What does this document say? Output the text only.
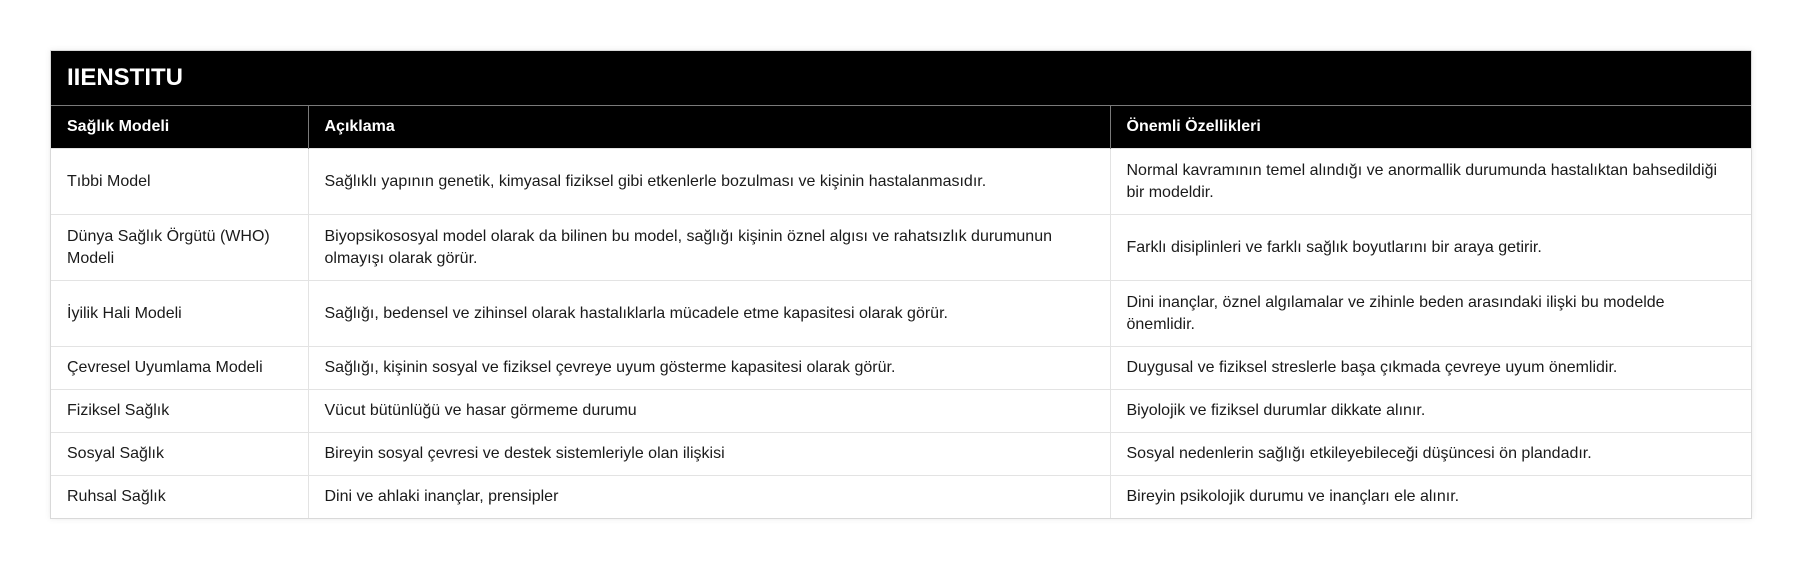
IIENSTITU
Sağlık Modeli	Açıklama	Önemli Özellikleri
Tıbbi Model	Sağlıklı yapının genetik, kimyasal fiziksel gibi etkenlerle bozulması ve kişinin hastalanmasıdır.	Normal kavramının temel alındığı ve anormallik durumunda hastalıktan bahsedildiği bir modeldir.
Dünya Sağlık Örgütü (WHO) Modeli	Biyopsikososyal model olarak da bilinen bu model, sağlığı kişinin öznel algısı ve rahatsızlık durumunun olmayışı olarak görür.	Farklı disiplinleri ve farklı sağlık boyutlarını bir araya getirir.
İyilik Hali Modeli	Sağlığı, bedensel ve zihinsel olarak hastalıklarla mücadele etme kapasitesi olarak görür.	Dini inançlar, öznel algılamalar ve zihinle beden arasındaki ilişki bu modelde önemlidir.
Çevresel Uyumlama Modeli	Sağlığı, kişinin sosyal ve fiziksel çevreye uyum gösterme kapasitesi olarak görür.	Duygusal ve fiziksel streslerle başa çıkmada çevreye uyum önemlidir.
Fiziksel Sağlık	Vücut bütünlüğü ve hasar görmeme durumu	Biyolojik ve fiziksel durumlar dikkate alınır.
Sosyal Sağlık	Bireyin sosyal çevresi ve destek sistemleriyle olan ilişkisi	Sosyal nedenlerin sağlığı etkileyebileceği düşüncesi ön plandadır.
Ruhsal Sağlık	Dini ve ahlaki inançlar, prensipler	Bireyin psikolojik durumu ve inançları ele alınır.
